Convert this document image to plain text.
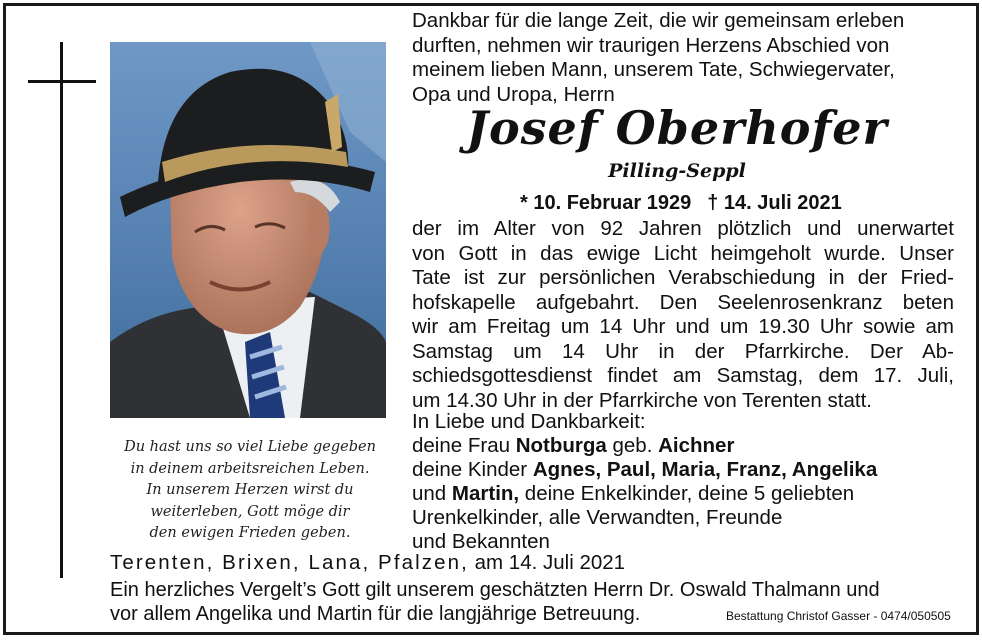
Du hast uns so viel Liebe gegeben
in deinem arbeitsreichen Leben.
In unserem Herzen wirst du
weiterleben, Gott möge dir
den ewigen Frieden geben.
Dankbar für die lange Zeit, die wir gemeinsam erleben
durften, nehmen wir traurigen Herzens Abschied von
meinem lieben Mann, unserem Tate, Schwiegervater,
Opa und Uropa, Herrn
Josef Oberhofer
Pilling-Seppl
* 10. Februar 1929 † 14. Juli 2021
der im Alter von 92 Jahren plötzlich und unerwartet
von Gott in das ewige Licht heimgeholt wurde. Unser
Tate ist zur persönlichen Verabschiedung in der Fried-
hofskapelle aufgebahrt. Den Seelenrosenkranz beten
wir am Freitag um 14 Uhr und um 19.30 Uhr sowie am
Samstag um 14 Uhr in der Pfarrkirche. Der Ab-
schiedsgottesdienst findet am Samstag, dem 17. Juli,
um 14.30 Uhr in der Pfarrkirche von Terenten statt.
In Liebe und Dankbarkeit:
deine Frau Notburga geb. Aichner
deine Kinder Agnes, Paul, Maria, Franz, Angelika
und Martin, deine Enkelkinder, deine 5 geliebten
Urenkelkinder, alle Verwandten, Freunde
und Bekannten
Terenten, Brixen, Lana, Pfalzen, am 14. Juli 2021
Ein herzliches Vergelt’s Gott gilt unserem geschätzten Herrn Dr. Oswald Thalmann und
vor allem Angelika und Martin für die langjährige Betreuung.	Bestattung Christof Gasser - 0474/050505
